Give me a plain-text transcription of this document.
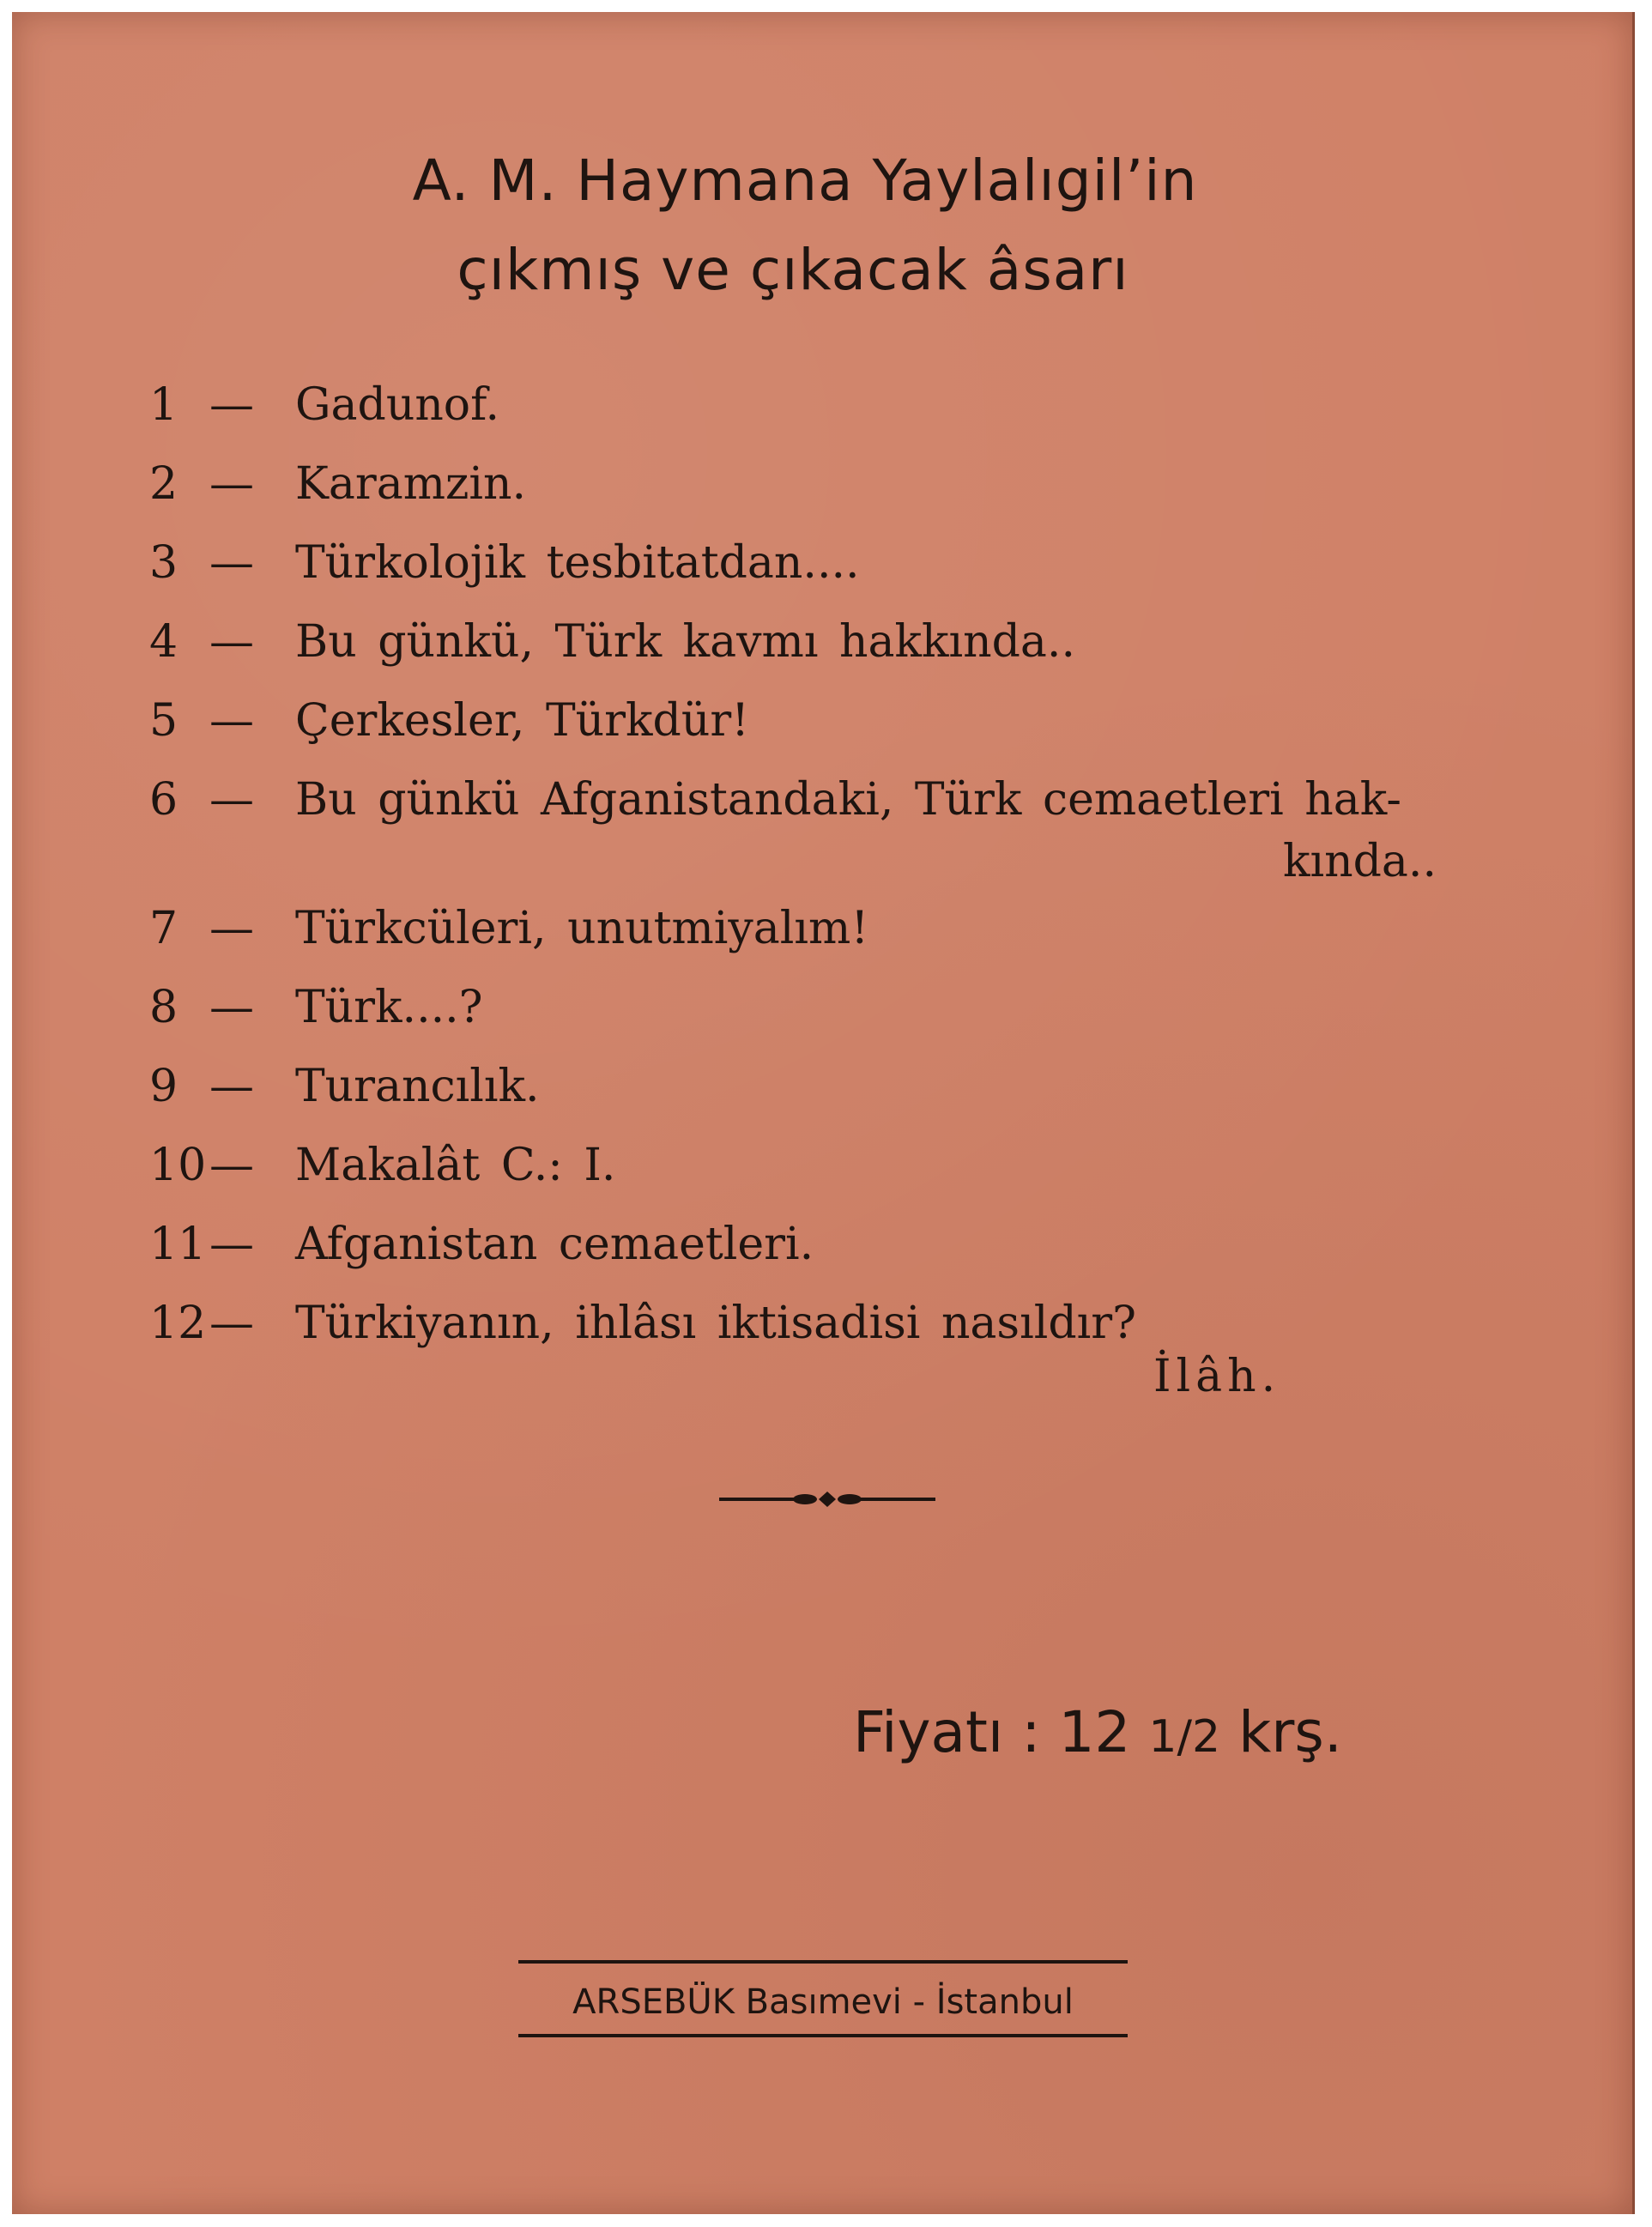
A. M. Haymana Yaylalıgil’in
çıkmış ve çıkacak âsarı
1 — Gadunof.
2 — Karamzin.
3 — Türkolojik tesbitatdan....
4 — Bu günkü, Türk kavmı hakkında..
5 — Çerkesler, Türkdür!
6 — Bu günkü Afganistandaki, Türk cemaetleri hak-
kında..
7 — Türkcüleri, unutmiyalım!
8 — Türk....?
9 — Turancılık.
10 — Makalât C.: I.
11 — Afganistan cemaetleri.
12 — Türkiyanın, ihlâsı iktisadisi nasıldır?
İlâh.
Fiyatı : 12 1/2 krş.
ARSEBÜK Basımevi - İstanbul
